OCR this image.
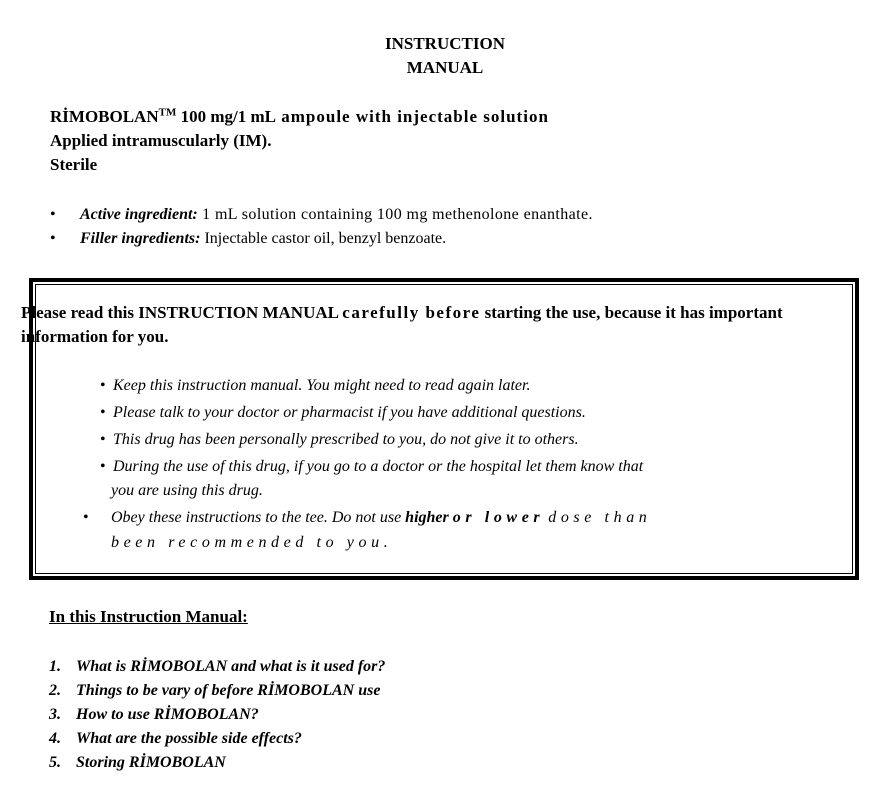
INSTRUCTION
MANUAL
RİMOBOLAN™ 100 mg/1 mL ampoule with injectable solution
Applied intramuscularly (IM).
Sterile
• Active ingredient: 1 mL solution containing 100 mg methenolone enanthate.
• Filler ingredients: Injectable castor oil, benzyl benzoate.
Please read this INSTRUCTION MANUAL carefully before starting the use, because it has important information for you.
• Keep this instruction manual. You might need to read again later.
• Please talk to your doctor or pharmacist if you have additional questions.
• This drug has been personally prescribed to you, do not give it to others.
• During the use of this drug, if you go to a doctor or the hospital let them know that
you are using this drug.
• Obey these instructions to the tee. Do not use higher or lower dose than
been recommended to you.
In this Instruction Manual:
1. What is RİMOBOLAN and what is it used for?
2. Things to be vary of before RİMOBOLAN use
3. How to use RİMOBOLAN?
4. What are the possible side effects?
5. Storing RİMOBOLAN
